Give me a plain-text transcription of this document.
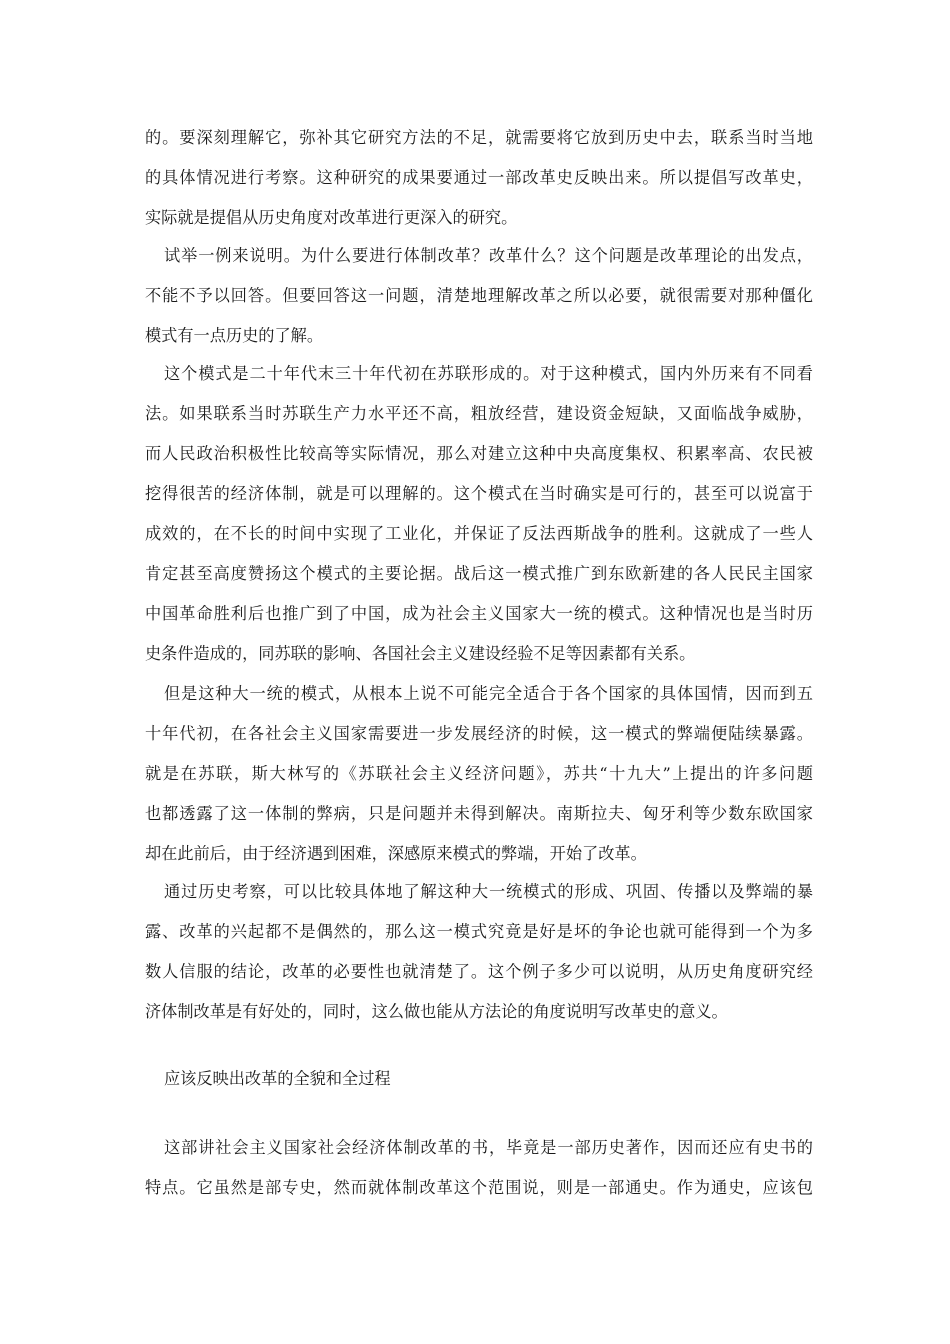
的。要深刻理解它，弥补其它研究方法的不足，就需要将它放到历史中去，联系当时当地
的具体情况进行考察。这种研究的成果要通过一部改革史反映出来。所以提倡写改革史，
实际就是提倡从历史角度对改革进行更深入的研究。
试举一例来说明。为什么要进行体制改革？改革什么？这个问题是改革理论的出发点，
不能不予以回答。但要回答这一问题，清楚地理解改革之所以必要，就很需要对那种僵化
模式有一点历史的了解。
这个模式是二十年代末三十年代初在苏联形成的。对于这种模式，国内外历来有不同看
法。如果联系当时苏联生产力水平还不高，粗放经营，建设资金短缺，又面临战争威胁，
而人民政治积极性比较高等实际情况，那么对建立这种中央高度集权、积累率高、农民被
挖得很苦的经济体制，就是可以理解的。这个模式在当时确实是可行的，甚至可以说富于
成效的，在不长的时间中实现了工业化，并保证了反法西斯战争的胜利。这就成了一些人
肯定甚至高度赞扬这个模式的主要论据。战后这一模式推广到东欧新建的各人民民主国家
中国革命胜利后也推广到了中国，成为社会主义国家大一统的模式。这种情况也是当时历
史条件造成的，同苏联的影响、各国社会主义建设经验不足等因素都有关系。
但是这种大一统的模式，从根本上说不可能完全适合于各个国家的具体国情，因而到五
十年代初，在各社会主义国家需要进一步发展经济的时候，这一模式的弊端便陆续暴露。
就是在苏联，斯大林写的《苏联社会主义经济问题》，苏共“十九大”上提出的许多问题
也都透露了这一体制的弊病，只是问题并未得到解决。南斯拉夫、匈牙利等少数东欧国家
却在此前后，由于经济遇到困难，深感原来模式的弊端，开始了改革。
通过历史考察，可以比较具体地了解这种大一统模式的形成、巩固、传播以及弊端的暴
露、改革的兴起都不是偶然的，那么这一模式究竟是好是坏的争论也就可能得到一个为多
数人信服的结论，改革的必要性也就清楚了。这个例子多少可以说明，从历史角度研究经
济体制改革是有好处的，同时，这么做也能从方法论的角度说明写改革史的意义。
应该反映出改革的全貌和全过程
这部讲社会主义国家社会经济体制改革的书，毕竟是一部历史著作，因而还应有史书的
特点。它虽然是部专史，然而就体制改革这个范围说，则是一部通史。作为通史，应该包
